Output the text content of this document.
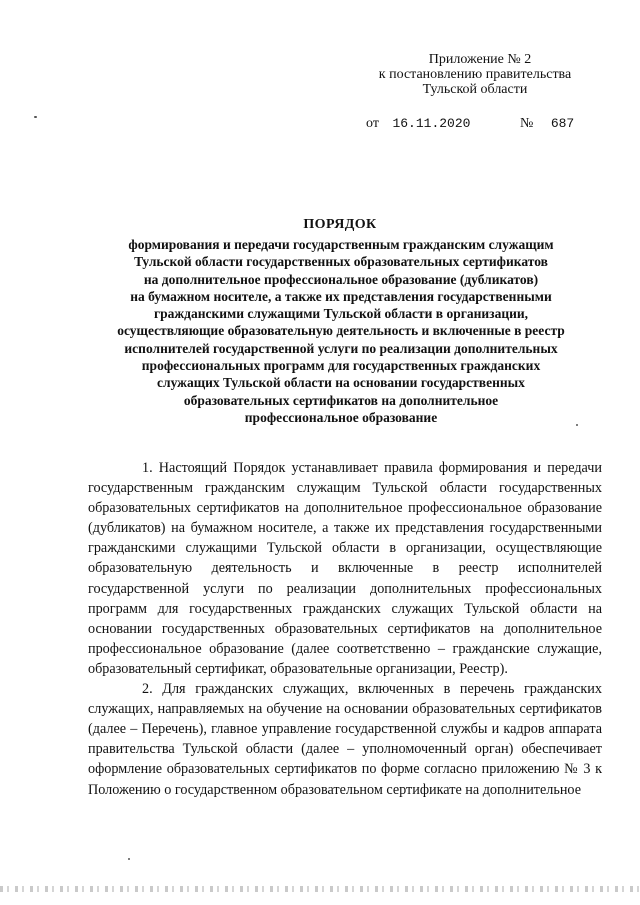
Приложение № 2
к постановлению правительства
Тульской области
от 16.11.2020	№ 687
ПОРЯДОК
формирования и передачи государственным гражданским служащим
Тульской области государственных образовательных сертификатов
на дополнительное профессиональное образование (дубликатов)
на бумажном носителе, а также их представления государственными
гражданскими служащими Тульской области в организации,
осуществляющие образовательную деятельность и включенные в реестр
исполнителей государственной услуги по реализации дополнительных
профессиональных программ для государственных гражданских
служащих Тульской области на основании государственных
образовательных сертификатов на дополнительное
профессиональное образование

1. Настоящий Порядок устанавливает правила формирования и передачи государственным гражданским служащим Тульской области государственных образовательных сертификатов на дополнительное профессиональное образование (дубликатов) на бумажном носителе, а также их представления государственными гражданскими служащими Тульской области в организации, осуществляющие образовательную деятельность и включенные в реестр исполнителей государственной услуги по реализации дополнительных профессиональных программ для государственных гражданских служащих Тульской области на основании государственных образовательных сертификатов на дополнительное профессиональное образование (далее соответственно – гражданские служащие, образовательный сертификат, образовательные организации, Реестр).

2. Для гражданских служащих, включенных в перечень гражданских служащих, направляемых на обучение на основании образовательных сертификатов (далее – Перечень), главное управление государственной службы и кадров аппарата правительства Тульской области (далее – уполномоченный орган) обеспечивает оформление образовательных сертификатов по форме согласно приложению № 3 к Положению о государственном образовательном сертификате на дополнительное
